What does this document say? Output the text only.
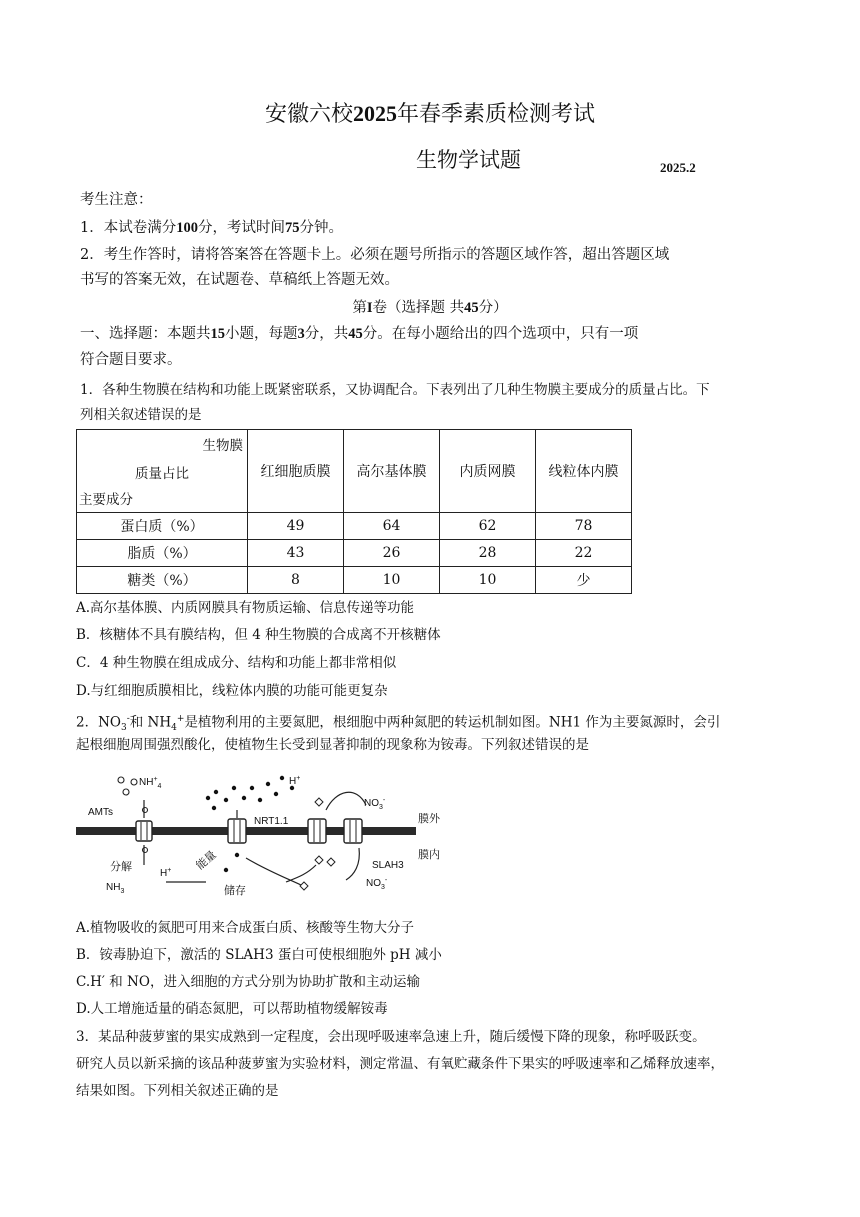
安徽六校2025年春季素质检测考试
生物学试题	2025.2
考生注意：
1．本试卷满分100分，考试时间75分钟。
2．考生作答时，请将答案答在答题卡上。必须在题号所指示的答题区域作答，超出答题区域
书写的答案无效，在试题卷、草稿纸上答题无效。
第I卷（选择题 共45分）
一、选择题：本题共15小题，每题3分，共45分。在每小题给出的四个选项中，只有一项
符合题目要求。
1．各种生物膜在结构和功能上既紧密联系，又协调配合。下表列出了几种生物膜主要成分的质量占比。下
列相关叙述错误的是
生物膜
质量占比
主要成分	红细胞质膜	高尔基体膜	内质网膜	线粒体内膜
蛋白质（%）	49	64	62	78
脂质（%）	43	26	28	22
糖类（%）	8	10	10	少
A.高尔基体膜、内质网膜具有物质运输、信息传递等功能
B．核糖体不具有膜结构，但 4 种生物膜的合成离不开核糖体
C．4 种生物膜在组成成分、结构和功能上都非常相似
D.与红细胞质膜相比，线粒体内膜的功能可能更复杂
2．$NO_3^-$和 $NH_4^+$是植物利用的主要氮肥，根细胞中两种氮肥的转运机制如图。NH1 作为主要氮源时，会引
起根细胞周围强烈酸化，使植物生长受到显著抑制的现象称为铵毒。下列叙述错误的是
$NH^+_4$
AMTs
NRT1.1
H+
$NO_3^-$
膜外
SLAH3
膜内
分解
$NH_3$
H+ 能量
储存
$NO_3^-$
A.植物吸收的氮肥可用来合成蛋白质、核酸等生物大分子
B．铵毒胁迫下，激活的 SLAH3 蛋白可使根细胞外 pH 减小
C.H′ 和 NO，进入细胞的方式分别为协助扩散和主动运输
D.人工增施适量的硝态氮肥，可以帮助植物缓解铵毒
3．某品种菠萝蜜的果实成熟到一定程度，会出现呼吸速率急速上升，随后缓慢下降的现象，称呼吸跃变。
研究人员以新采摘的该品种菠萝蜜为实验材料，测定常温、有氧贮藏条件下果实的呼吸速率和乙烯释放速率，
结果如图。下列相关叙述正确的是
